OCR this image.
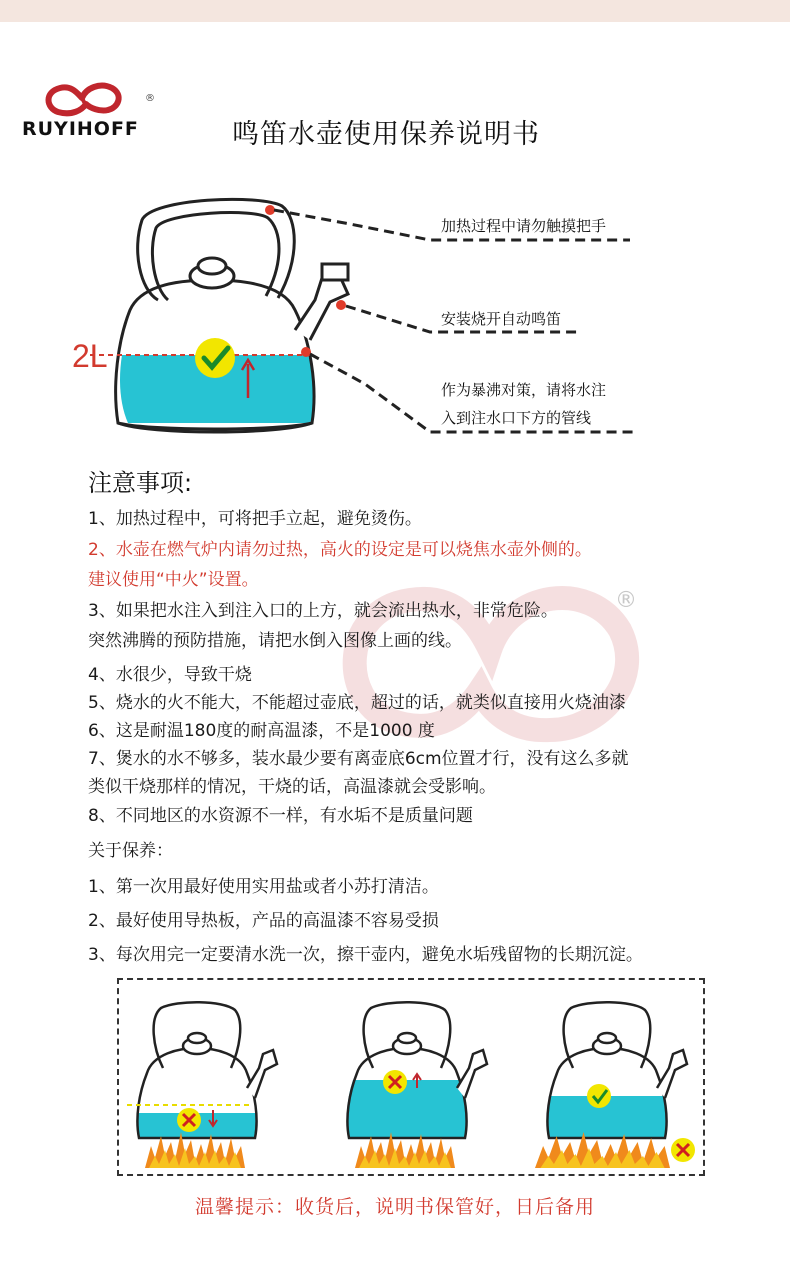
RUYIHOFF
®
鸣笛水壶使用保养说明书
2L
加热过程中请勿触摸把手
安装烧开自动鸣笛
作为暴沸对策，请将水注
入到注水口下方的管线
®
注意事项:
1、加热过程中，可将把手立起，避免烫伤。
2、水壶在燃气炉内请勿过热，高火的设定是可以烧焦水壶外侧的。
建议使用“中火”设置。
3、如果把水注入到注入口的上方，就会流出热水，非常危险。
突然沸腾的预防措施，请把水倒入图像上画的线。
4、水很少，导致干烧
5、烧水的火不能大，不能超过壶底，超过的话，就类似直接用火烧油漆
6、这是耐温180度的耐高温漆，不是1000 度
7、煲水的水不够多，装水最少要有离壶底6cm位置才行，没有这么多就
类似干烧那样的情况，干烧的话，高温漆就会受影响。
8、不同地区的水资源不一样，有水垢不是质量问题
关于保养：
1、第一次用最好使用实用盐或者小苏打清洁。
2、最好使用导热板，产品的高温漆不容易受损
3、每次用完一定要清水洗一次，擦干壶内，避免水垢残留物的长期沉淀。
温馨提示：收货后，说明书保管好，日后备用
